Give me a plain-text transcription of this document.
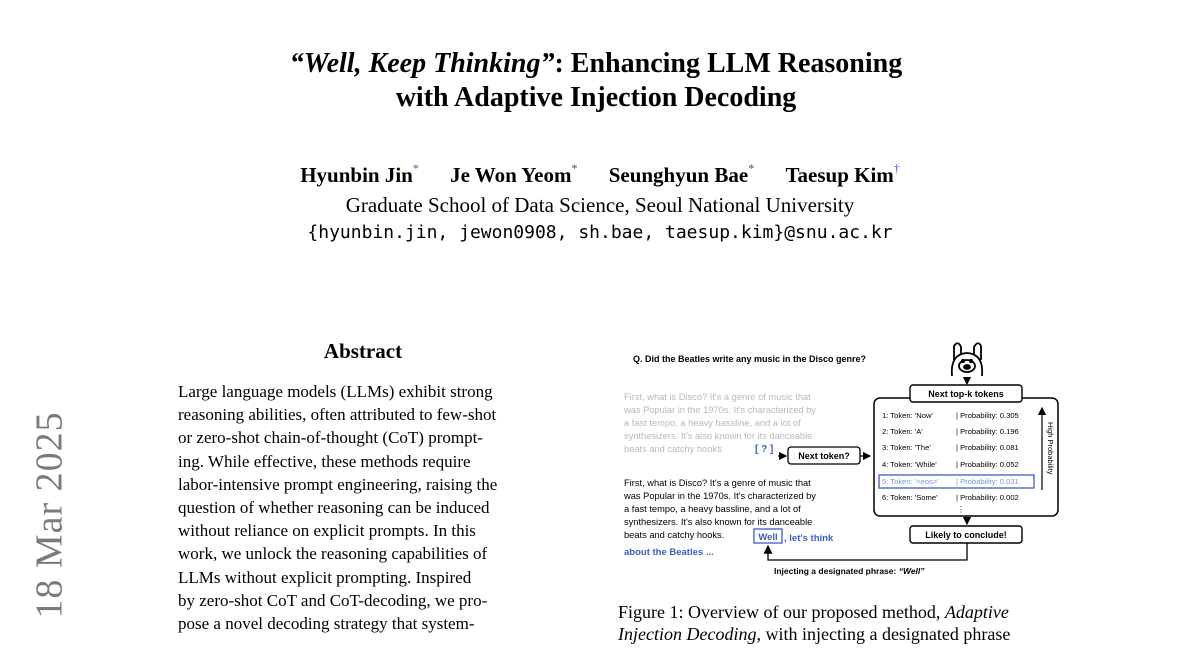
18 Mar 2025
“Well, Keep Thinking”: Enhancing LLM Reasoning
with Adaptive Injection Decoding
Hyunbin Jin* Je Won Yeom* Seunghyun Bae* Taesup Kim†
Graduate School of Data Science, Seoul National University
{hyunbin.jin, jewon0908, sh.bae, taesup.kim}@snu.ac.kr
Abstract
Large language models (LLMs) exhibit strong
reasoning abilities, often attributed to few-shot
or zero-shot chain-of-thought (CoT) prompt-
ing. While effective, these methods require
labor-intensive prompt engineering, raising the
question of whether reasoning can be induced
without reliance on explicit prompts. In this
work, we unlock the reasoning capabilities of
LLMs without explicit prompting. Inspired
by zero-shot CoT and CoT-decoding, we pro-
pose a novel decoding strategy that system-
Q. Did the Beatles write any music in the Disco genre?
First, what is Disco? It's a genre of music that
was Popular in the 1970s. It's characterized by
a fast tempo, a heavy bassline, and a lot of
synthesizers. It's also known for its danceable
beats and catchy hooks.	[ ? ]
Next token?
First, what is Disco? It's a genre of music that
was Popular in the 1970s. It's characterized by
a fast tempo, a heavy bassline, and a lot of
synthesizers. It's also known for its danceable
beats and catchy hooks.	Well , let's think
about the Beatles ...
Next top-k tokens
1: Token: 'Now'	| Probability: 0.305
2: Token: 'A'	| Probability: 0.196
3: Token: 'The'	| Probability: 0.081
4: Token: 'While'	| Probability: 0.052
5: Token: '<eos>' | Probability: 0.031
6: Token: 'Some' | Probability: 0.002
⋮
High Probability
Likely to conclude!
Injecting a designated phrase: “Well”
Figure 1: Overview of our proposed method, Adaptive
Injection Decoding, with injecting a designated phrase
